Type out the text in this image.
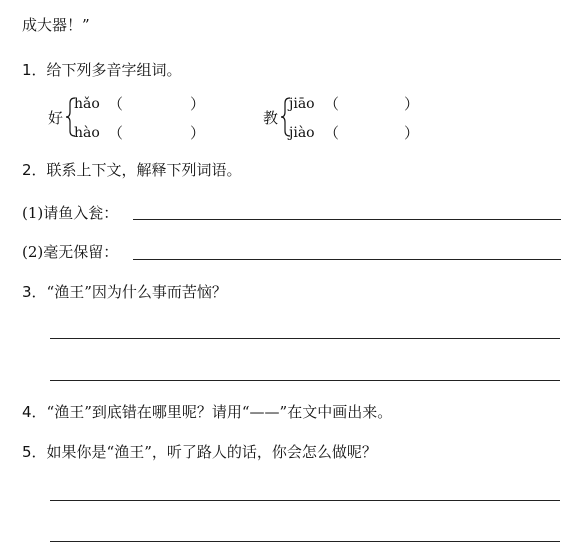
成大器！”
1．给下列多音字组词。
好
hǎo （	）
hào （	）
教
jiāo （	）
jiào （	）
2．联系上下文，解释下列词语。
(1)请鱼入瓮：
(2)毫无保留：
3．“渔王”因为什么事而苦恼？
4．“渔王”到底错在哪里呢？请用“——”在文中画出来。
5．如果你是“渔王”，听了路人的话，你会怎么做呢？
